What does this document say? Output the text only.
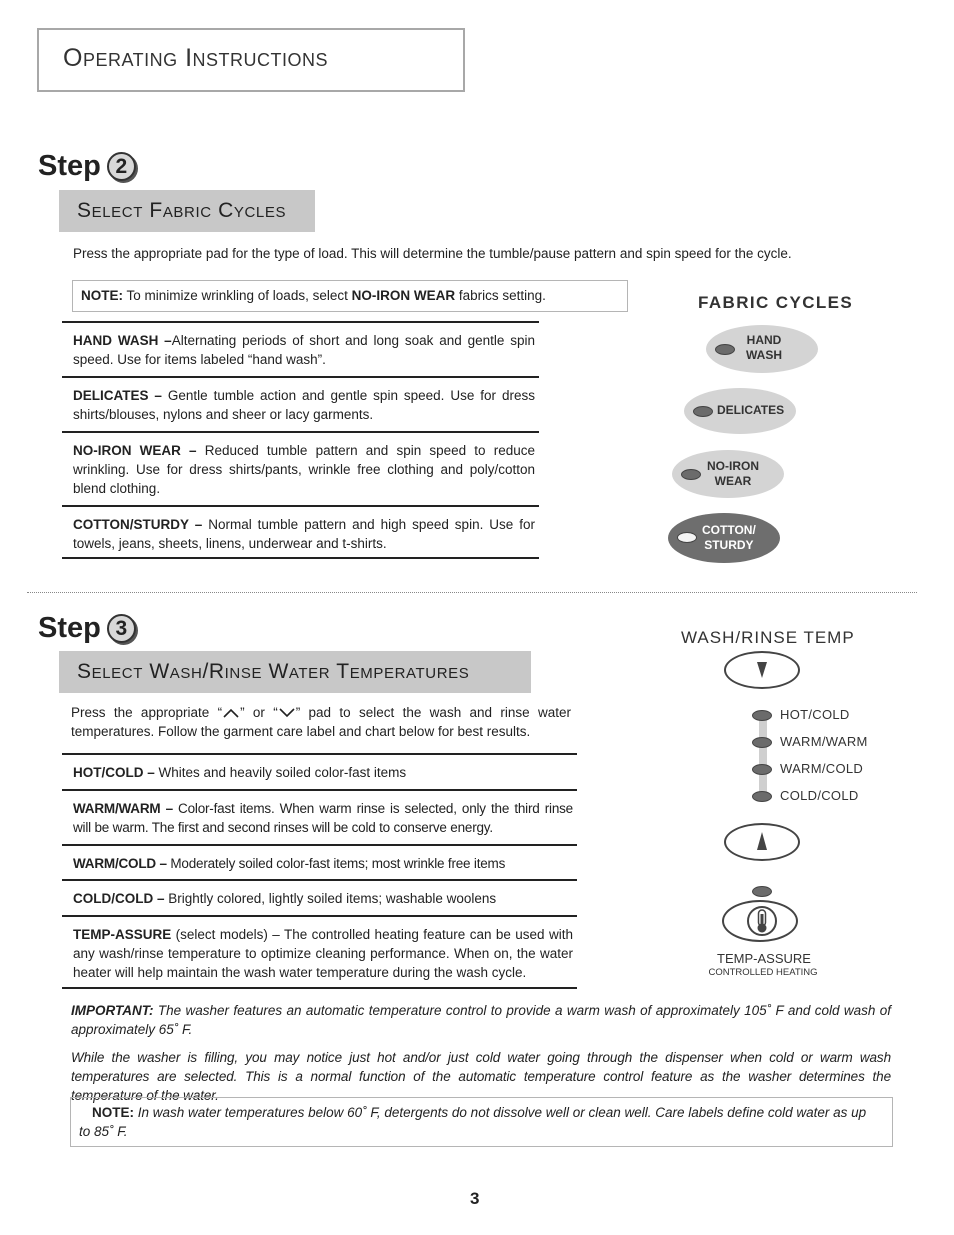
Operating Instructions
Step 2
Select Fabric Cycles
Press the appropriate pad for the type of load. This will determine the tumble/pause pattern and spin speed for the cycle.
NOTE: To minimize wrinkling of loads, select NO-IRON WEAR fabrics setting.
HAND WASH –Alternating periods of short and long soak and gentle spin speed. Use for items labeled “hand wash”.
DELICATES – Gentle tumble action and gentle spin speed. Use for dress shirts/blouses, nylons and sheer or lacy garments.
NO-IRON WEAR – Reduced tumble pattern and spin speed to reduce wrinkling. Use for dress shirts/pants, wrinkle free clothing and poly/cotton blend clothing.
COTTON/STURDY – Normal tumble pattern and high speed spin. Use for towels, jeans, sheets, linens, underwear and t-shirts.
FABRIC CYCLES
HAND
WASH
DELICATES
NO-IRON
WEAR
COTTON/
STURDY
Step 3
Select Wash/Rinse Water Temperatures
Press the appropriate “ ” or “ ” pad to select the wash and rinse water temperatures. Follow the garment care label and chart below for best results.
HOT/COLD – Whites and heavily soiled color-fast items
WARM/WARM – Color-fast items. When warm rinse is selected, only the third rinse will be warm. The first and second rinses will be cold to conserve energy.
WARM/COLD – Moderately soiled color-fast items; most wrinkle free items
COLD/COLD – Brightly colored, lightly soiled items; washable woolens
TEMP-ASSURE (select models) – The controlled heating feature can be used with any wash/rinse temperature to optimize cleaning performance. When on, the water heater will help maintain the wash water temperature during the wash cycle.
WASH/RINSE TEMP
HOT/COLD
WARM/WARM
WARM/COLD
COLD/COLD
TEMP-ASSURE
CONTROLLED HEATING
IMPORTANT: The washer features an automatic temperature control to provide a warm wash of approximately 105˚ F and cold wash of approximately 65˚ F.
While the washer is filling, you may notice just hot and/or just cold water going through the dispenser when cold or warm wash temperatures are selected. This is a normal function of the automatic temperature control feature as the washer determines the temperature of the water.
NOTE: In wash water temperatures below 60˚ F, detergents do not dissolve well or clean well. Care labels define cold water as up to 85˚ F.
3
